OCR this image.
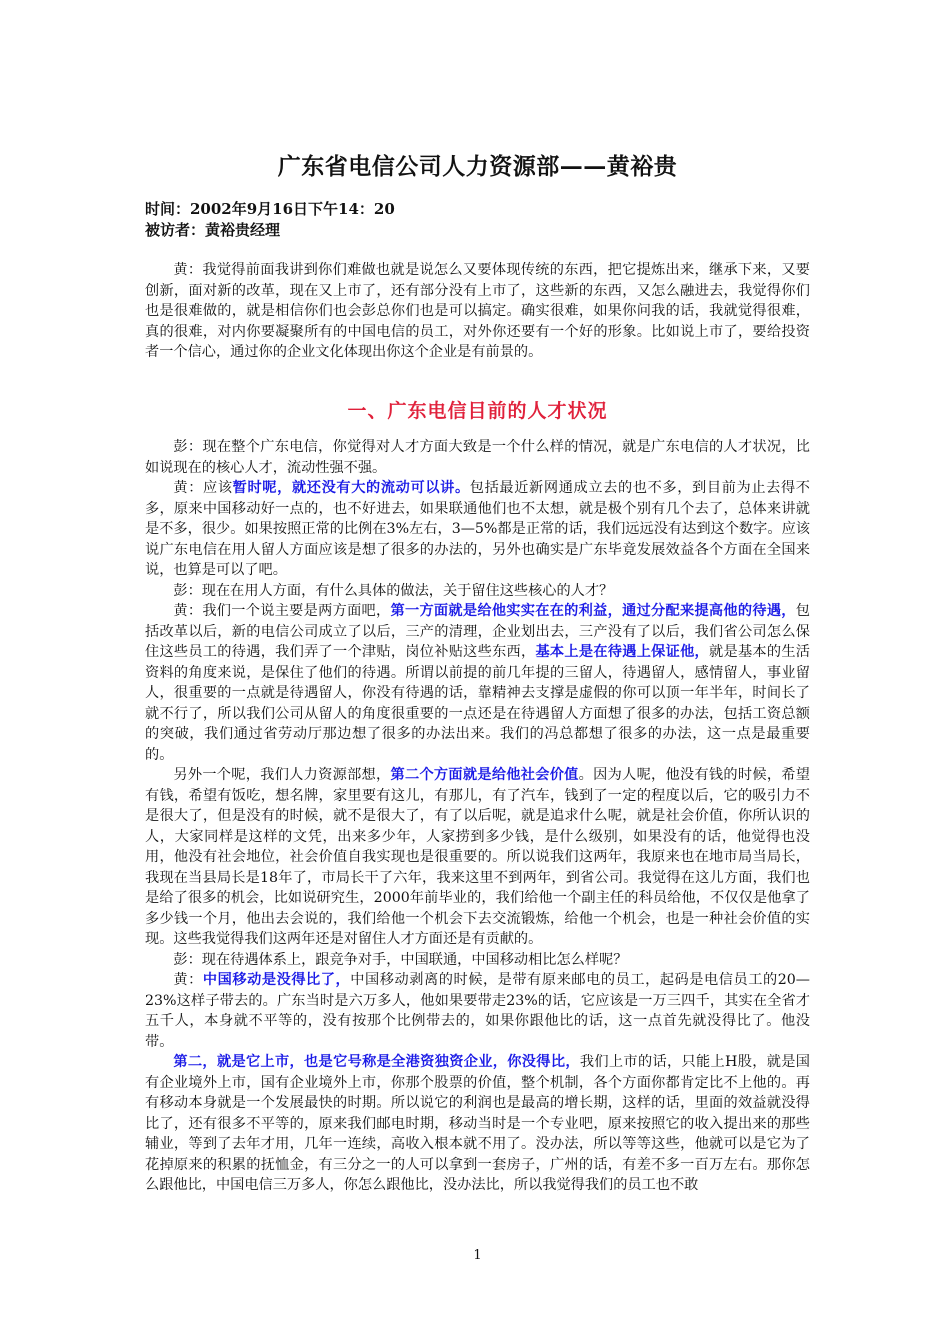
广东省电信公司人力资源部——黄裕贵
时间：2002年9月16日下午14：20
被访者：黄裕贵经理

黄：我觉得前面我讲到你们难做也就是说怎么又要体现传统的东西，把它提炼出来，继承下来，又要创新，面对新的改革，现在又上市了，还有部分没有上市了，这些新的东西，又怎么融进去，我觉得你们也是很难做的，就是相信你们也会彭总你们也是可以搞定。确实很难，如果你问我的话，我就觉得很难，真的很难，对内你要凝聚所有的中国电信的员工，对外你还要有一个好的形象。比如说上市了，要给投资者一个信心，通过你的企业文化体现出你这个企业是有前景的。

一、广东电信目前的人才状况

彭：现在整个广东电信，你觉得对人才方面大致是一个什么样的情况，就是广东电信的人才状况，比如说现在的核心人才，流动性强不强。

黄：应该暂时呢，就还没有大的流动可以讲。包括最近新网通成立去的也不多，到目前为止去得不多，原来中国移动好一点的，也不好进去，如果联通他们也不太想，就是极个别有几个去了，总体来讲就是不多，很少。如果按照正常的比例在3%左右，3—5%都是正常的话，我们远远没有达到这个数字。应该说广东电信在用人留人方面应该是想了很多的办法的，另外也确实是广东毕竟发展效益各个方面在全国来说，也算是可以了吧。

彭：现在在用人方面，有什么具体的做法，关于留住这些核心的人才？

黄：我们一个说主要是两方面吧，第一方面就是给他实实在在的利益，通过分配来提高他的待遇，包括改革以后，新的电信公司成立了以后，三产的清理，企业划出去，三产没有了以后，我们省公司怎么保住这些员工的待遇，我们弄了一个津贴，岗位补贴这些东西，基本上是在待遇上保证他，就是基本的生活资料的角度来说，是保住了他们的待遇。所谓以前提的前几年提的三留人，待遇留人，感情留人，事业留人，很重要的一点就是待遇留人，你没有待遇的话，靠精神去支撑是虚假的你可以顶一年半年，时间长了就不行了，所以我们公司从留人的角度很重要的一点还是在待遇留人方面想了很多的办法，包括工资总额的突破，我们通过省劳动厅那边想了很多的办法出来。我们的冯总都想了很多的办法，这一点是最重要的。

另外一个呢，我们人力资源部想，第二个方面就是给他社会价值。因为人呢，他没有钱的时候，希望有钱，希望有饭吃，想名牌，家里要有这儿，有那儿，有了汽车，钱到了一定的程度以后，它的吸引力不是很大了，但是没有的时候，就不是很大了，有了以后呢，就是追求什么呢，就是社会价值，你所认识的人，大家同样是这样的文凭，出来多少年，人家捞到多少钱，是什么级别，如果没有的话，他觉得也没用，他没有社会地位，社会价值自我实现也是很重要的。所以说我们这两年，我原来也在地市局当局长，我现在当县局长是18年了，市局长干了六年，我来这里不到两年，到省公司。我觉得在这儿方面，我们也是给了很多的机会，比如说研究生，2000年前毕业的，我们给他一个副主任的科员给他，不仅仅是他拿了多少钱一个月，他出去会说的，我们给他一个机会下去交流锻炼，给他一个机会，也是一种社会价值的实现。这些我觉得我们这两年还是对留住人才方面还是有贡献的。

彭：现在待遇体系上，跟竞争对手，中国联通，中国移动相比怎么样呢？

黄：中国移动是没得比了，中国移动剥离的时候，是带有原来邮电的员工，起码是电信员工的20—23%这样子带去的。广东当时是六万多人，他如果要带走23%的话，它应该是一万三四千，其实在全省才五千人，本身就不平等的，没有按那个比例带去的，如果你跟他比的话，这一点首先就没得比了。他没带。

第二，就是它上市，也是它号称是全港资独资企业，你没得比，我们上市的话，只能上H股，就是国有企业境外上市，国有企业境外上市，你那个股票的价值，整个机制，各个方面你都肯定比不上他的。再有移动本身就是一个发展最快的时期。所以说它的利润也是最高的增长期，这样的话，里面的效益就没得比了，还有很多不平等的，原来我们邮电时期，移动当时是一个专业吧，原来按照它的收入提出来的那些辅业，等到了去年才用，几年一连续，高收入根本就不用了。没办法，所以等等这些，他就可以是它为了花掉原来的积累的抚恤金，有三分之一的人可以拿到一套房子，广州的话，有差不多一百万左右。那你怎么跟他比，中国电信三万多人，你怎么跟他比，没办法比，所以我觉得我们的员工也不敢

1
